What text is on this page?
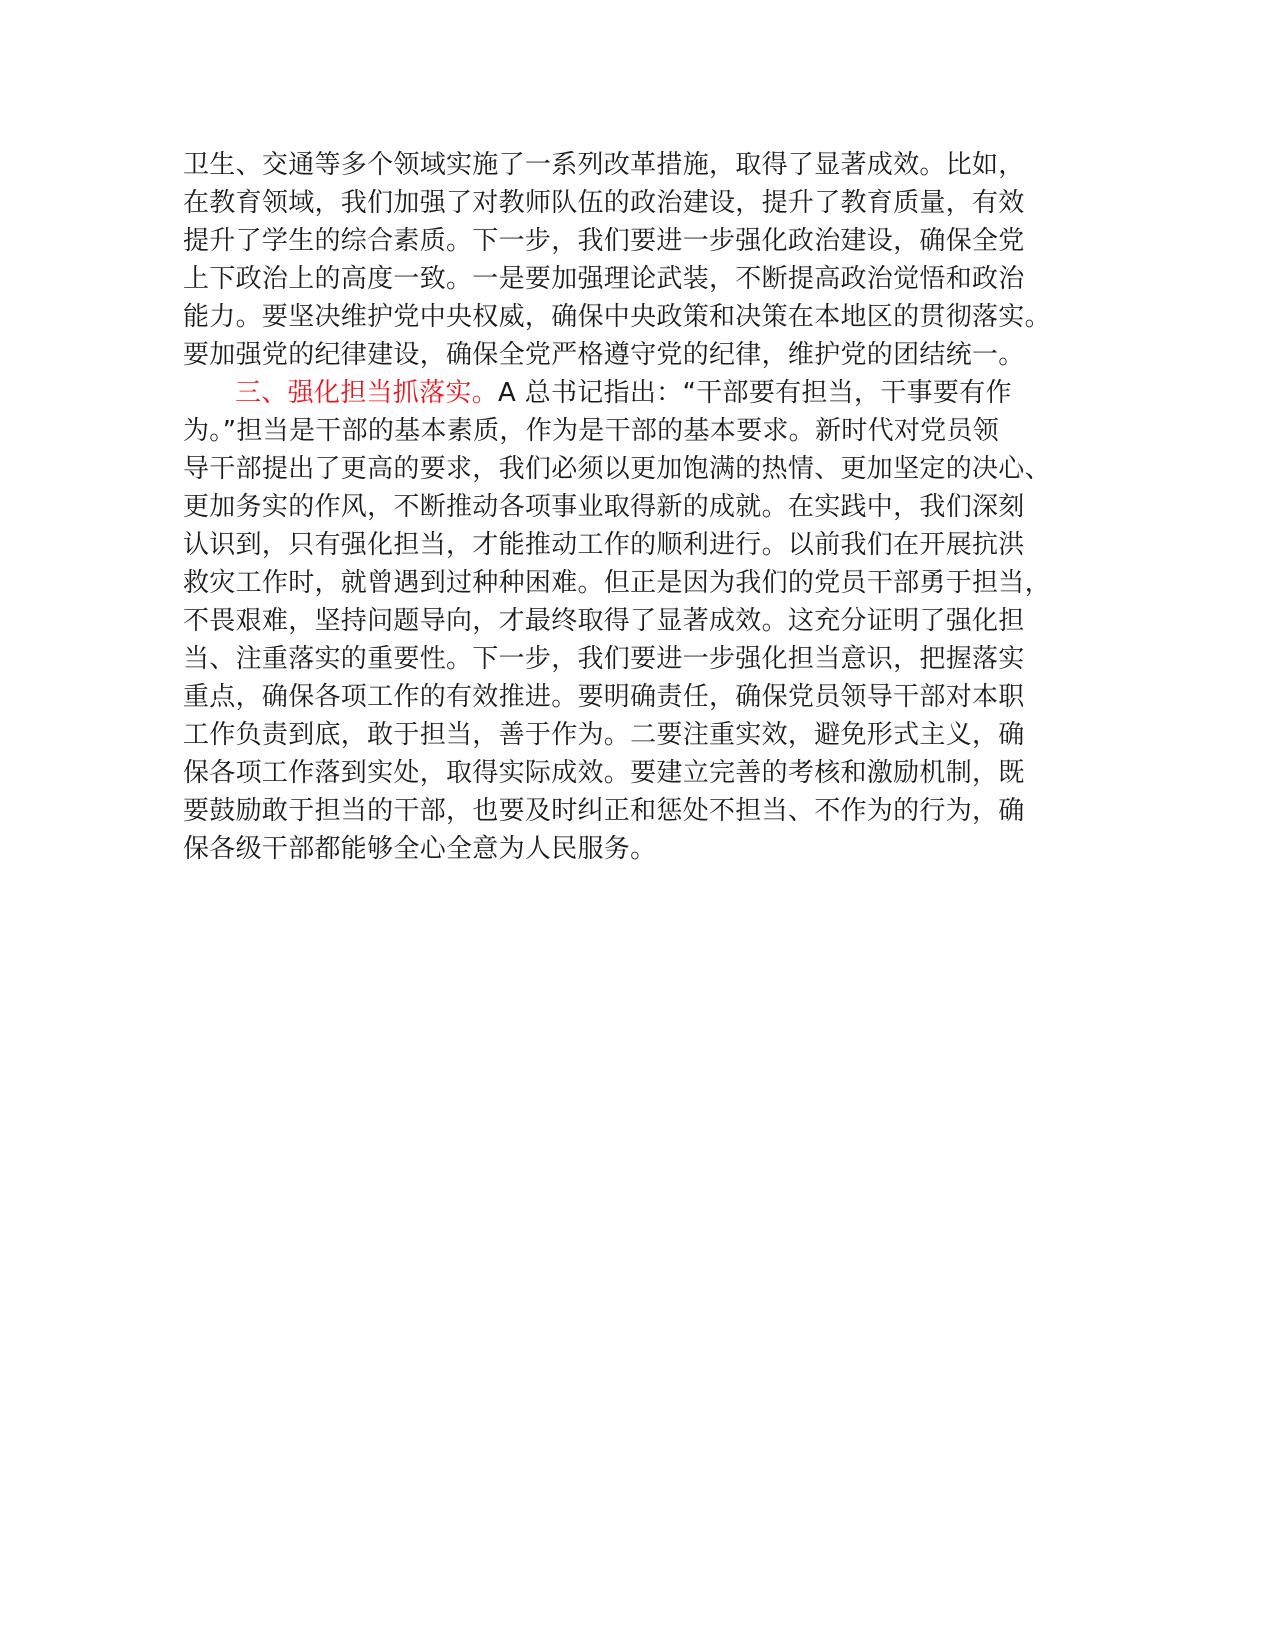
卫生、交通等多个领域实施了一系列改革措施，取得了显著成效。比如，
在教育领域，我们加强了对教师队伍的政治建设，提升了教育质量，有效
提升了学生的综合素质。下一步，我们要进一步强化政治建设，确保全党
上下政治上的高度一致。一是要加强理论武装，不断提高政治觉悟和政治
能力。要坚决维护党中央权威，确保中央政策和决策在本地区的贯彻落实。
要加强党的纪律建设，确保全党严格遵守党的纪律，维护党的团结统一。
三、强化担当抓落实。A 总书记指出：“干部要有担当，干事要有作
为。”担当是干部的基本素质，作为是干部的基本要求。新时代对党员领
导干部提出了更高的要求，我们必须以更加饱满的热情、更加坚定的决心、
更加务实的作风，不断推动各项事业取得新的成就。在实践中，我们深刻
认识到，只有强化担当，才能推动工作的顺利进行。以前我们在开展抗洪
救灾工作时，就曾遇到过种种困难。但正是因为我们的党员干部勇于担当，
不畏艰难，坚持问题导向，才最终取得了显著成效。这充分证明了强化担
当、注重落实的重要性。下一步，我们要进一步强化担当意识，把握落实
重点，确保各项工作的有效推进。要明确责任，确保党员领导干部对本职
工作负责到底，敢于担当，善于作为。二要注重实效，避免形式主义，确
保各项工作落到实处，取得实际成效。要建立完善的考核和激励机制，既
要鼓励敢于担当的干部，也要及时纠正和惩处不担当、不作为的行为，确
保各级干部都能够全心全意为人民服务。
